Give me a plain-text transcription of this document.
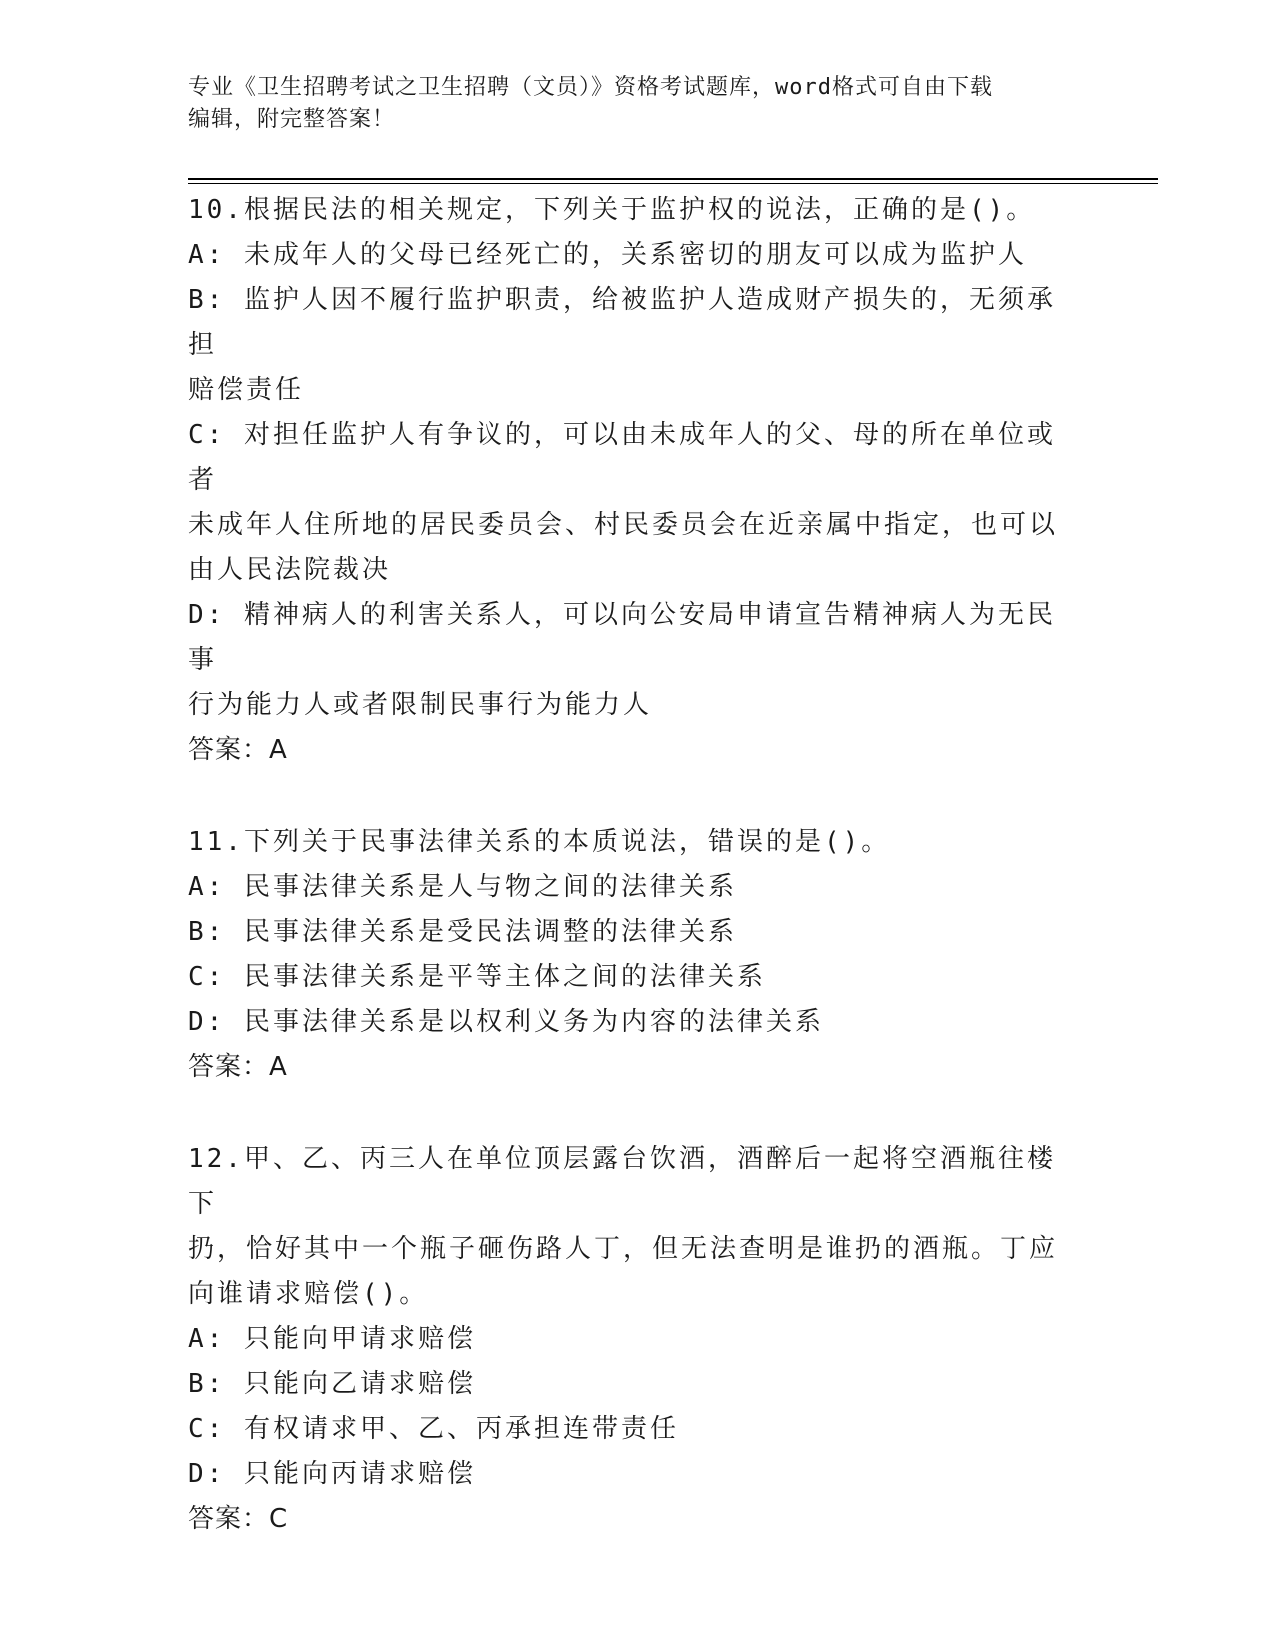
专业《卫生招聘考试之卫生招聘（文员）》资格考试题库，word格式可自由下载
编辑，附完整答案！
10.根据民法的相关规定，下列关于监护权的说法，正确的是()。
A: 未成年人的父母已经死亡的，关系密切的朋友可以成为监护人
B: 监护人因不履行监护职责，给被监护人造成财产损失的，无须承担
赔偿责任
C: 对担任监护人有争议的，可以由未成年人的父、母的所在单位或者
未成年人住所地的居民委员会、村民委员会在近亲属中指定，也可以
由人民法院裁决
D: 精神病人的利害关系人，可以向公安局申请宣告精神病人为无民事
行为能力人或者限制民事行为能力人
答案：A
11.下列关于民事法律关系的本质说法，错误的是()。
A: 民事法律关系是人与物之间的法律关系
B: 民事法律关系是受民法调整的法律关系
C: 民事法律关系是平等主体之间的法律关系
D: 民事法律关系是以权利义务为内容的法律关系
答案：A
12.甲、乙、丙三人在单位顶层露台饮酒，酒醉后一起将空酒瓶往楼下
扔，恰好其中一个瓶子砸伤路人丁，但无法查明是谁扔的酒瓶。丁应
向谁请求赔偿()。
A: 只能向甲请求赔偿
B: 只能向乙请求赔偿
C: 有权请求甲、乙、丙承担连带责任
D: 只能向丙请求赔偿
答案：C
